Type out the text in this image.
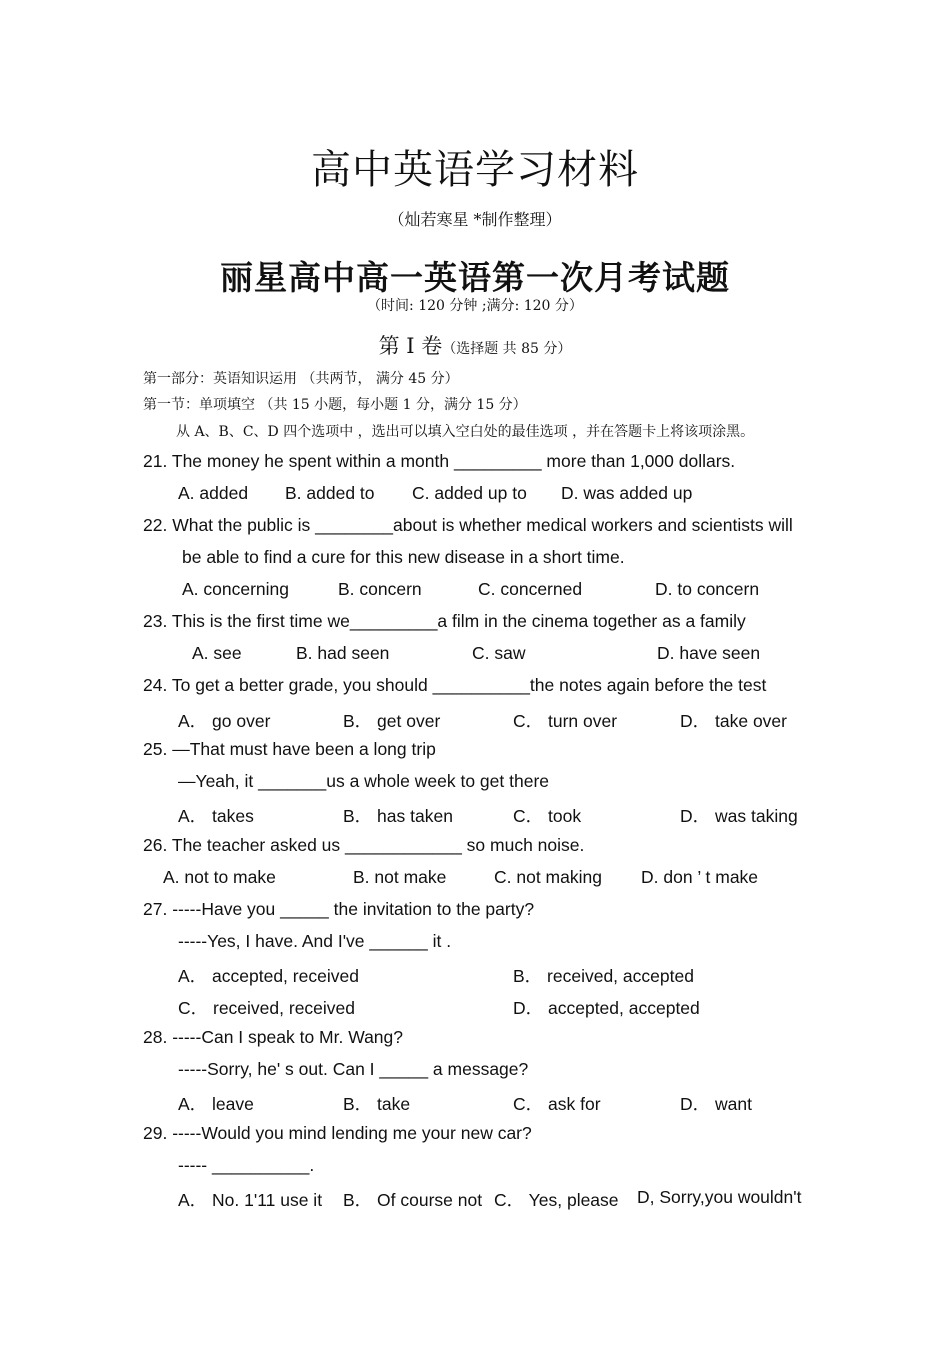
高中英语学习材料
（灿若寒星 *制作整理）
丽星高中高一英语第一次月考试题
（时间: 120 分钟 ;满分: 120 分）
第 Ⅰ 卷（选择题 共 85 分）
第一部分：英语知识运用 （共两节， 满分 45 分）
第一节：单项填空 （共 15 小题，每小题 1 分，满分 15 分）
从 A、B、C、D 四个选项中 ，选出可以填入空白处的最佳选项 ，并在答题卡上将该项涂黑。
21. The money he spent within a month _________ more than 1,000 dollars.
A. added B. added to C. added up to D. was added up
22. What the public is ________about is whether medical workers and scientists will
be able to find a cure for this new disease in a short time.
A. concerning	B. concern	C. concerned	D. to concern
23. This is the first time we_________a film in the cinema together as a family
A. see	B. had seen	C. saw	D. have seen
24. To get a better grade, you should __________the notes again before the test
A． go over	B． get over	C． turn over	D． take over
25. —That must have been a long trip
—Yeah, it _______us a whole week to get there
A． takes	B． has taken	C． took	D． was taking
26. The teacher asked us ____________ so much noise.
A. not to make	B. not make	C. not making D. don ’ t make
27. -----Have you _____ the invitation to the party?
-----Yes, I have. And I've ______ it .
A． accepted, received	B． received, accepted
C． received, received	D． accepted, accepted
28. -----Can I speak to Mr. Wang?
-----Sorry, he' s out. Can I _____ a message?
A． leave	B． take	C． ask for	D． want
29. -----Would you mind lending me your new car?
----- __________.
A． No. 1'11 use it B． Of course not C． Yes, please D, Sorry,you wouldn't
